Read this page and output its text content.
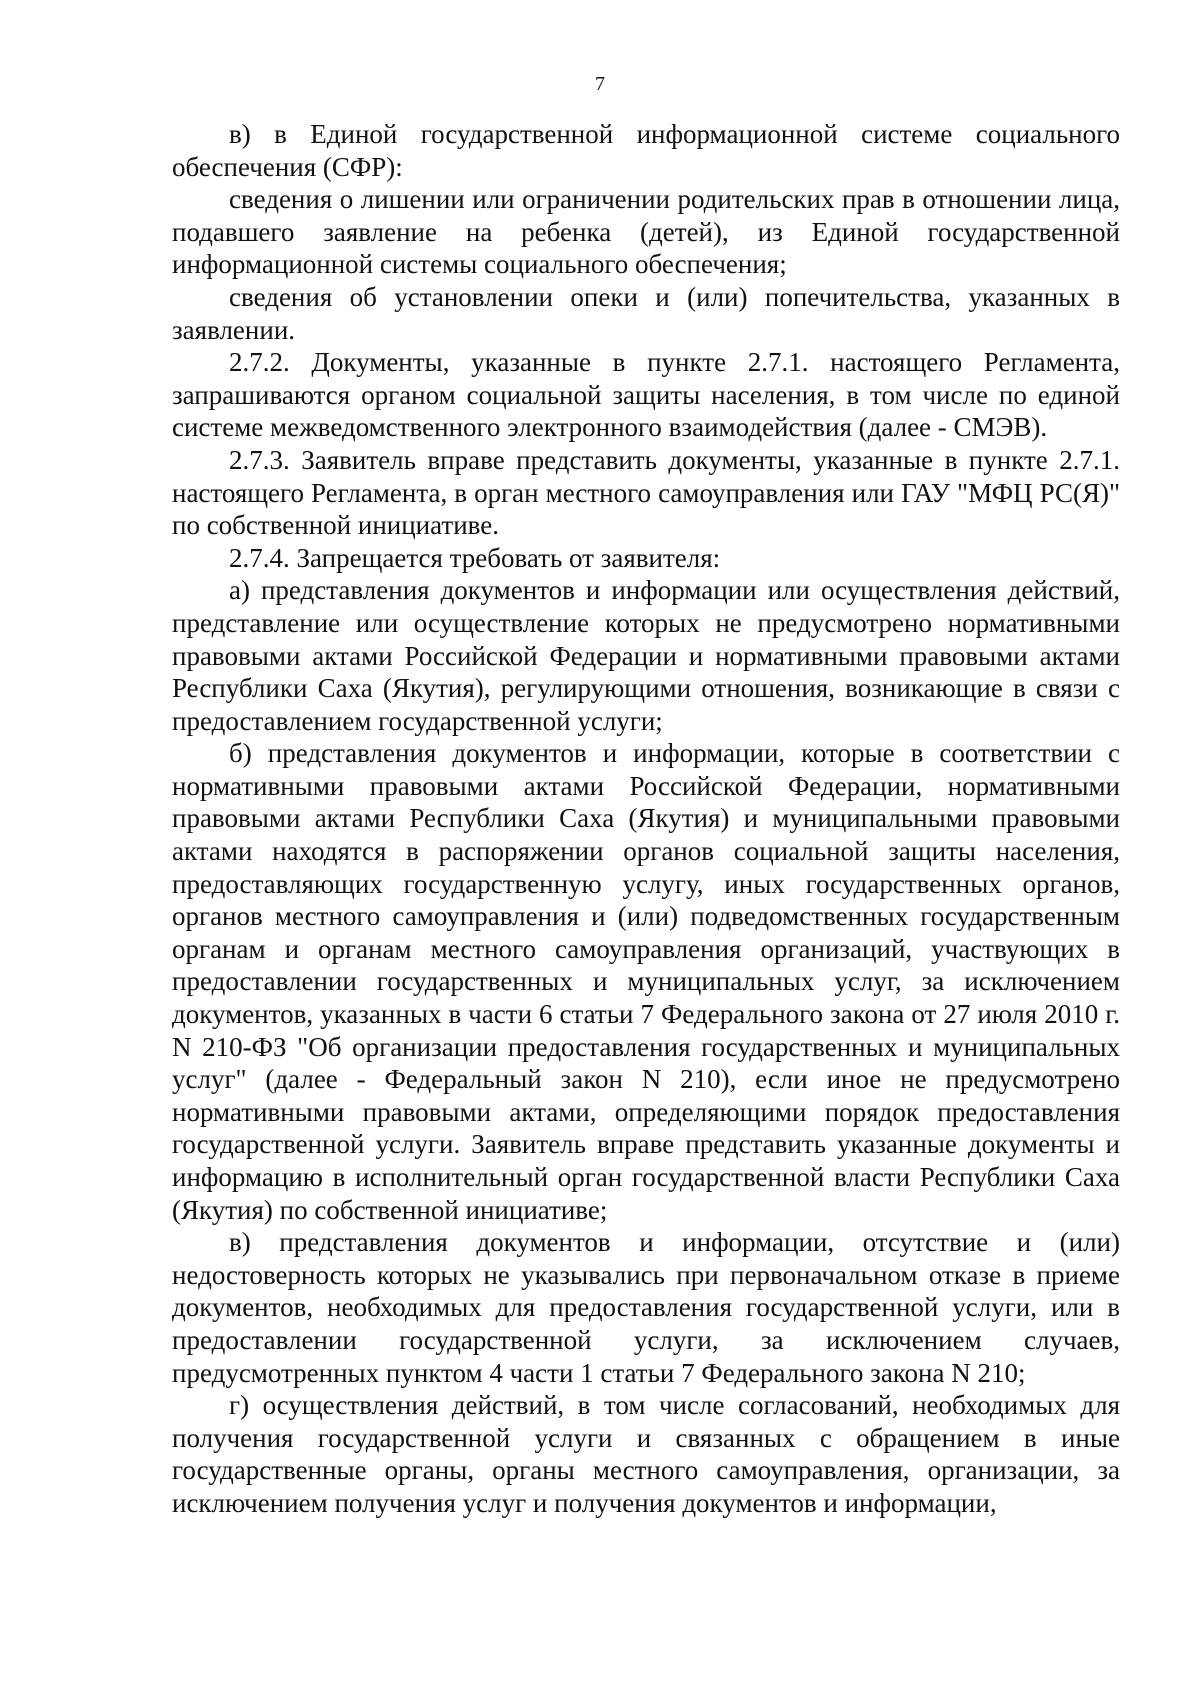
7

в) в Единой государственной информационной системе социального обеспечения (СФР):

сведения о лишении или ограничении родительских прав в отношении лица, подавшего заявление на ребенка (детей), из Единой государственной информационной системы социального обеспечения;

сведения об установлении опеки и (или) попечительства, указанных в заявлении.

2.7.2. Документы, указанные в пункте 2.7.1. настоящего Регламента, запрашиваются органом социальной защиты населения, в том числе по единой системе межведомственного электронного взаимодействия (далее - СМЭВ).

2.7.3. Заявитель вправе представить документы, указанные в пункте 2.7.1. настоящего Регламента, в орган местного самоуправления или ГАУ "МФЦ РС(Я)" по собственной инициативе.

2.7.4. Запрещается требовать от заявителя:

а) представления документов и информации или осуществления действий, представление или осуществление которых не предусмотрено нормативными правовыми актами Российской Федерации и нормативными правовыми актами Республики Саха (Якутия), регулирующими отношения, возникающие в связи с предоставлением государственной услуги;

б) представления документов и информации, которые в соответствии с нормативными правовыми актами Российской Федерации, нормативными правовыми актами Республики Саха (Якутия) и муниципальными правовыми актами находятся в распоряжении органов социальной защиты населения, предоставляющих государственную услугу, иных государственных органов, органов местного самоуправления и (или) подведомственных государственным органам и органам местного самоуправления организаций, участвующих в предоставлении государственных и муниципальных услуг, за исключением документов, указанных в части 6 статьи 7 Федерального закона от 27 июля 2010 г. N 210-ФЗ "Об организации предоставления государственных и муниципальных услуг" (далее - Федеральный закон N 210), если иное не предусмотрено нормативными правовыми актами, определяющими порядок предоставления государственной услуги. Заявитель вправе представить указанные документы и информацию в исполнительный орган государственной власти Республики Саха (Якутия) по собственной инициативе;

в) представления документов и информации, отсутствие и (или) недостоверность которых не указывались при первоначальном отказе в приеме документов, необходимых для предоставления государственной услуги, или в предоставлении государственной услуги, за исключением случаев, предусмотренных пунктом 4 части 1 статьи 7 Федерального закона N 210;

г) осуществления действий, в том числе согласований, необходимых для получения государственной услуги и связанных с обращением в иные государственные органы, органы местного самоуправления, организации, за исключением получения услуг и получения документов и информации,
